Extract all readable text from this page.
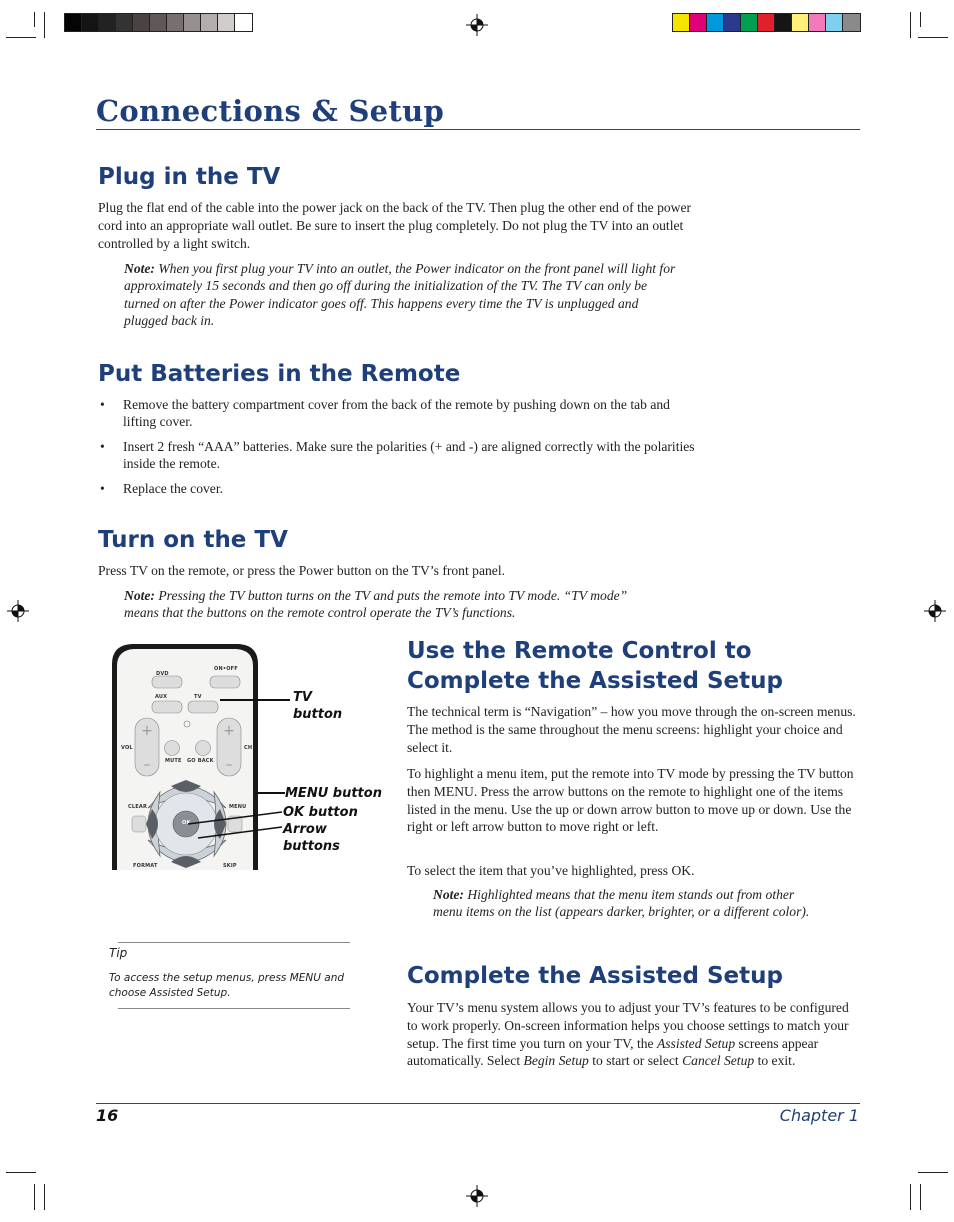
Connections & Setup
Plug in the TV

Plug the flat end of the cable into the power jack on the back of the TV. Then plug the other end of the power cord into an appropriate wall outlet. Be sure to insert the plug completely. Do not plug the TV into an outlet controlled by a light switch.

Note: When you first plug your TV into an outlet, the Power indicator on the front panel will light for approximately 15 seconds and then go off during the initialization of the TV. The TV can only be turned on after the Power indicator goes off. This happens every time the TV is unplugged and plugged back in.

Put Batteries in the Remote
• Remove the battery compartment cover from the back of the remote by pushing down on the tab and lifting cover.
• Insert 2 fresh “AAA” batteries. Make sure the polarities (+ and -) are aligned correctly with the polarities inside the remote.
• Replace the cover.
Turn on the TV

Press TV on the remote, or press the Power button on the TV’s front panel.

Note: Pressing the TV button turns on the TV and puts the remote into TV mode. “TV mode” means that the buttons on the remote control operate the TV’s functions.

+
–
+
–
DVD
ON•OFF
AUX	TV
VOL	CH
MUTE GO BACK
CLEAR	MENU
OK
FORMAT	SKIP
TV button
MENU button
OK button
Arrow buttons
Tip

To access the setup menus, press MENU and choose Assisted Setup.

Use the Remote Control to Complete the Assisted Setup

The technical term is “Navigation” – how you move through the on-screen menus. The method is the same throughout the menu screens: highlight your choice and select it.

To highlight a menu item, put the remote into TV mode by pressing the TV button then MENU. Press the arrow buttons on the remote to highlight one of the items listed in the menu. Use the up or down arrow button to move up or down. Use the right or left arrow button to move right or left.

To select the item that you’ve highlighted, press OK.

Note: Highlighted means that the menu item stands out from other menu items on the list (appears darker, brighter, or a different color).

Complete the Assisted Setup

Your TV’s menu system allows you to adjust your TV’s features to be configured to work properly. On-screen information helps you choose settings to match your setup. The first time you turn on your TV, the Assisted Setup screens appear automatically. Select Begin Setup to start or select Cancel Setup to exit.

16	Chapter 1
